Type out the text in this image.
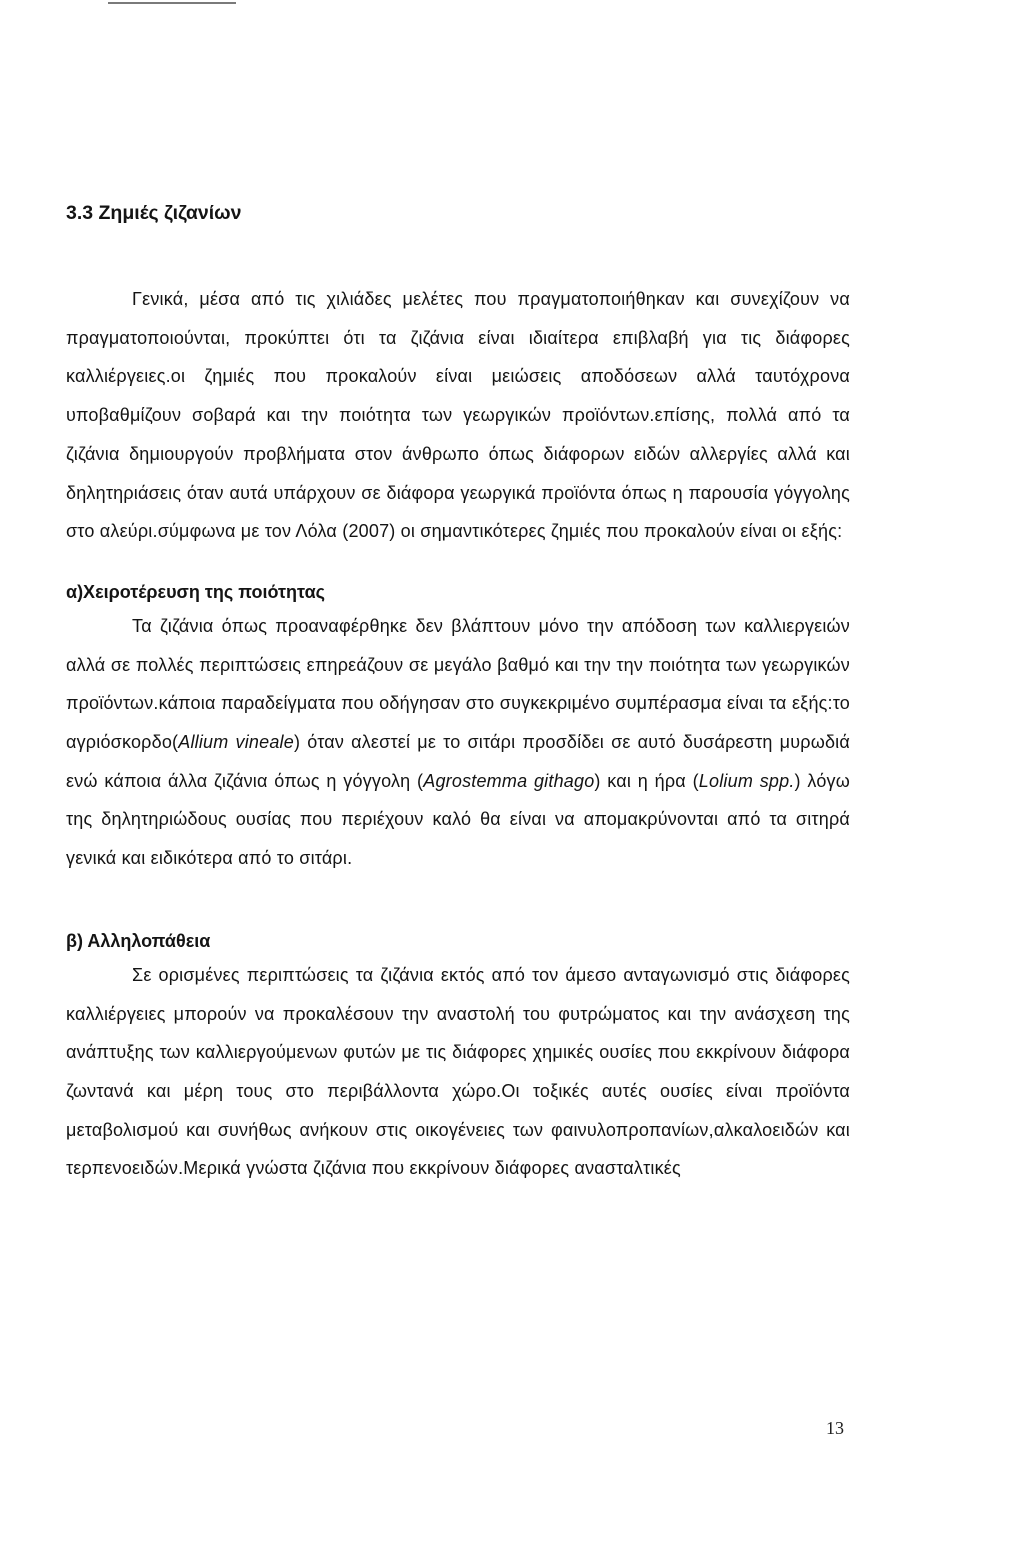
3.3 Ζημιές ζιζανίων

Γενικά, μέσα από τις χιλιάδες μελέτες που πραγματοποιήθηκαν και συνεχίζουν να πραγματοποιούνται, προκύπτει ότι τα ζιζάνια είναι ιδιαίτερα επιβλαβή για τις διάφορες καλλιέργειες.οι ζημιές που προκαλούν είναι μειώσεις αποδόσεων αλλά ταυτόχρονα υποβαθμίζουν σοβαρά και την ποιότητα των γεωργικών προϊόντων.επίσης, πολλά από τα ζιζάνια δημιουργούν προβλήματα στον άνθρωπο όπως διάφορων ειδών αλλεργίες αλλά και δηλητηριάσεις όταν αυτά υπάρχουν σε διάφορα γεωργικά προϊόντα όπως η παρουσία γόγγολης στο αλεύρι.σύμφωνα με τον Λόλα (2007) οι σημαντικότερες ζημιές που προκαλούν είναι οι εξής:

α)Χειροτέρευση της ποιότητας

Τα ζιζάνια όπως προαναφέρθηκε δεν βλάπτουν μόνο την απόδοση των καλλιεργειών αλλά σε πολλές περιπτώσεις επηρεάζουν σε μεγάλο βαθμό και την την ποιότητα των γεωργικών προϊόντων.κάποια παραδείγματα που οδήγησαν στο συγκεκριμένο συμπέρασμα είναι τα εξής:το αγριόσκορδο(Allium vineale) όταν αλεστεί με το σιτάρι προσδίδει σε αυτό δυσάρεστη μυρωδιά ενώ κάποια άλλα ζιζάνια όπως η γόγγολη (Agrostemma githago) και η ήρα (Lolium spp.) λόγω της δηλητηριώδους ουσίας που περιέχουν καλό θα είναι να απομακρύνονται από τα σιτηρά γενικά και ειδικότερα από το σιτάρι.

β) Αλληλοπάθεια

Σε ορισμένες περιπτώσεις τα ζιζάνια εκτός από τον άμεσο ανταγωνισμό στις διάφορες καλλιέργειες μπορούν να προκαλέσουν την αναστολή του φυτρώματος και την ανάσχεση της ανάπτυξης των καλλιεργούμενων φυτών με τις διάφορες χημικές ουσίες που εκκρίνουν διάφορα ζωντανά και μέρη τους στο περιβάλλοντα χώρο.Οι τοξικές αυτές ουσίες είναι προϊόντα μεταβολισμού και συνήθως ανήκουν στις οικογένειες των φαινυλοπροπανίων,αλκαλοειδών και τερπενοειδών.Μερικά γνώστα ζιζάνια που εκκρίνουν διάφορες ανασταλτικές

13
